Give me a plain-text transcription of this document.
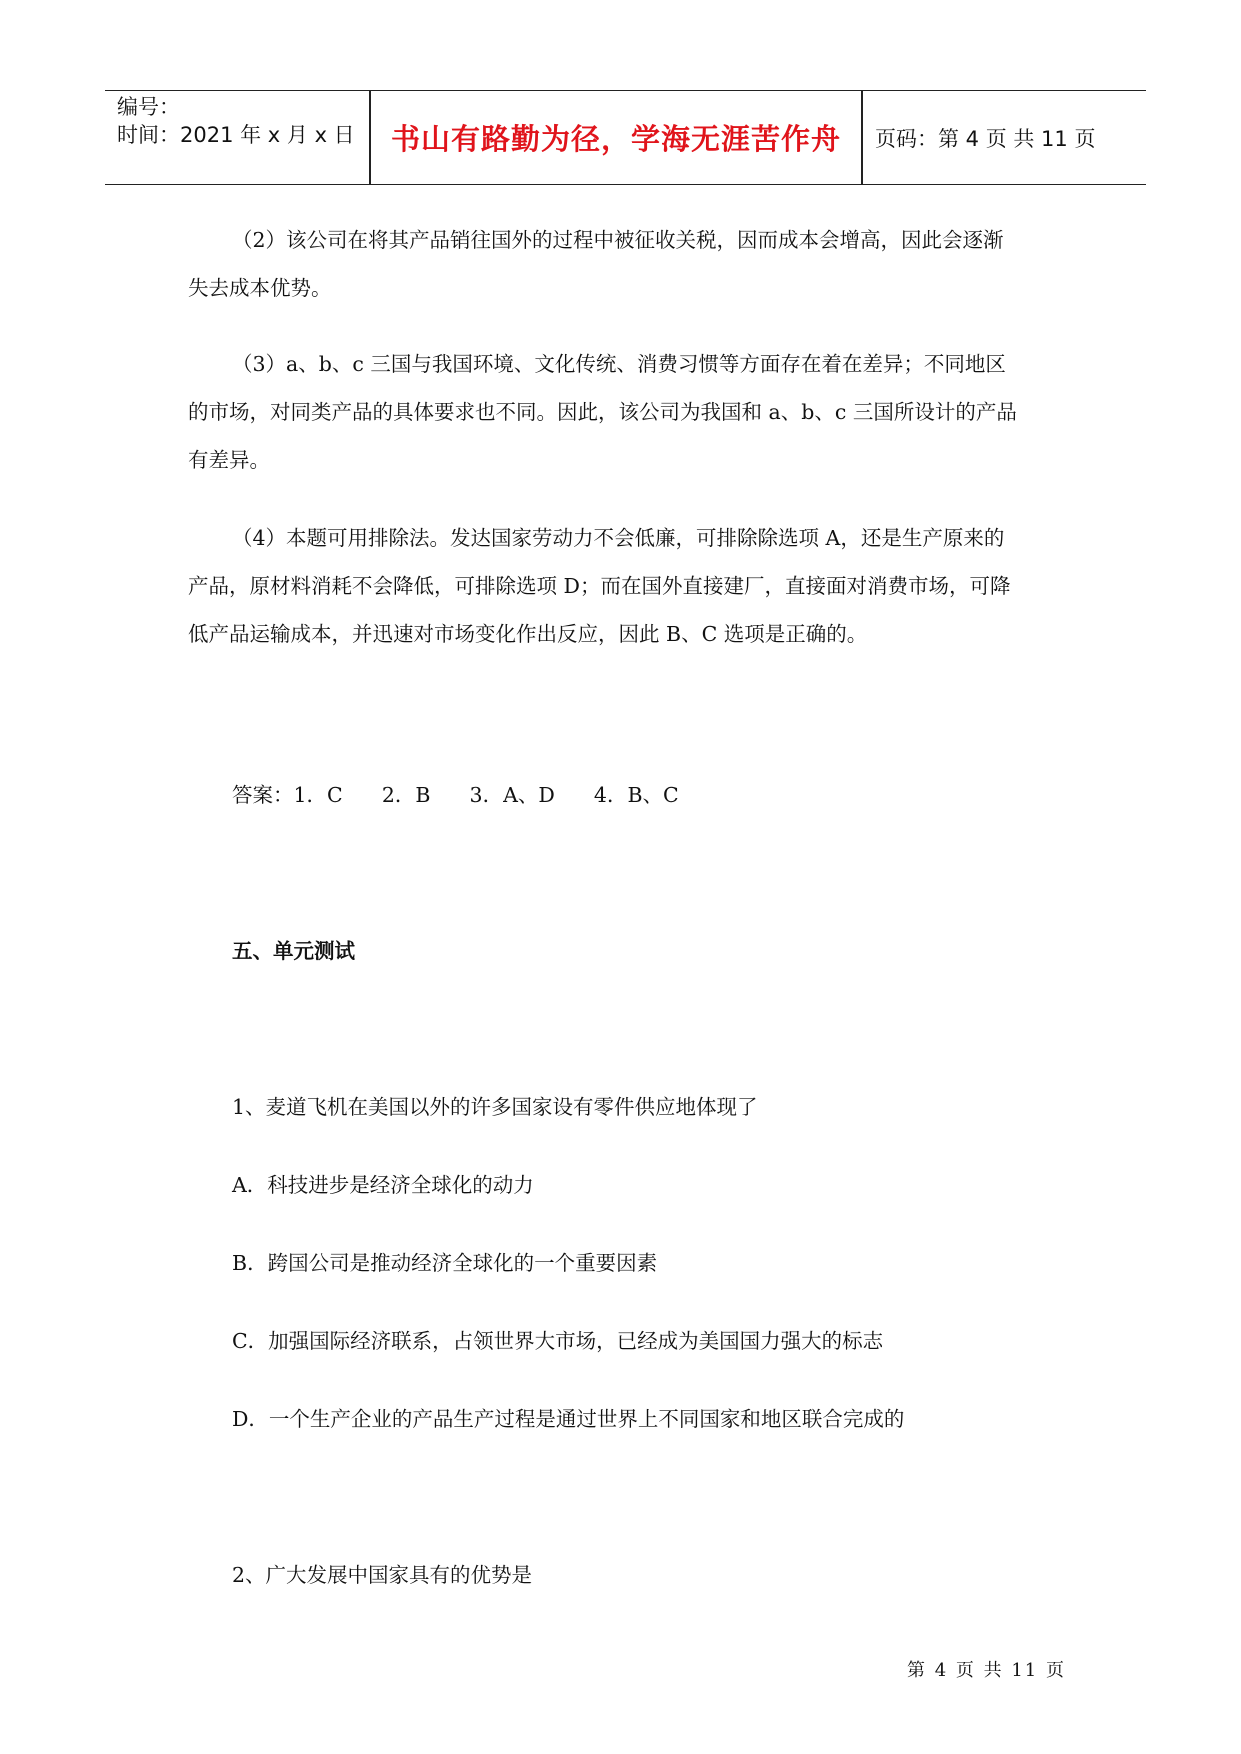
编号：
时间：2021 年 x 月 x 日	书山有路勤为径，学海无涯苦作舟	页码：第 4 页 共 11 页
（2）该公司在将其产品销往国外的过程中被征收关税，因而成本会增高，因此会逐渐
失去成本优势。
（3）a、b、c 三国与我国环境、文化传统、消费习惯等方面存在着在差异；不同地区
的市场，对同类产品的具体要求也不同。因此，该公司为我国和 a、b、c 三国所设计的产品
有差异。
（4）本题可用排除法。发达国家劳动力不会低廉，可排除除选项 A，还是生产原来的
产品，原材料消耗不会降低，可排除选项 D；而在国外直接建厂，直接面对消费市场，可降
低产品运输成本，并迅速对市场变化作出反应，因此 B、C 选项是正确的。
答案：1．C      2．B      3．A、D      4．B、C
五、单元测试
1、麦道飞机在美国以外的许多国家设有零件供应地体现了
A．科技进步是经济全球化的动力
B．跨国公司是推动经济全球化的一个重要因素
C．加强国际经济联系，占领世界大市场，已经成为美国国力强大的标志
D．一个生产企业的产品生产过程是通过世界上不同国家和地区联合完成的
2、广大发展中国家具有的优势是
第 4 页 共 11 页
